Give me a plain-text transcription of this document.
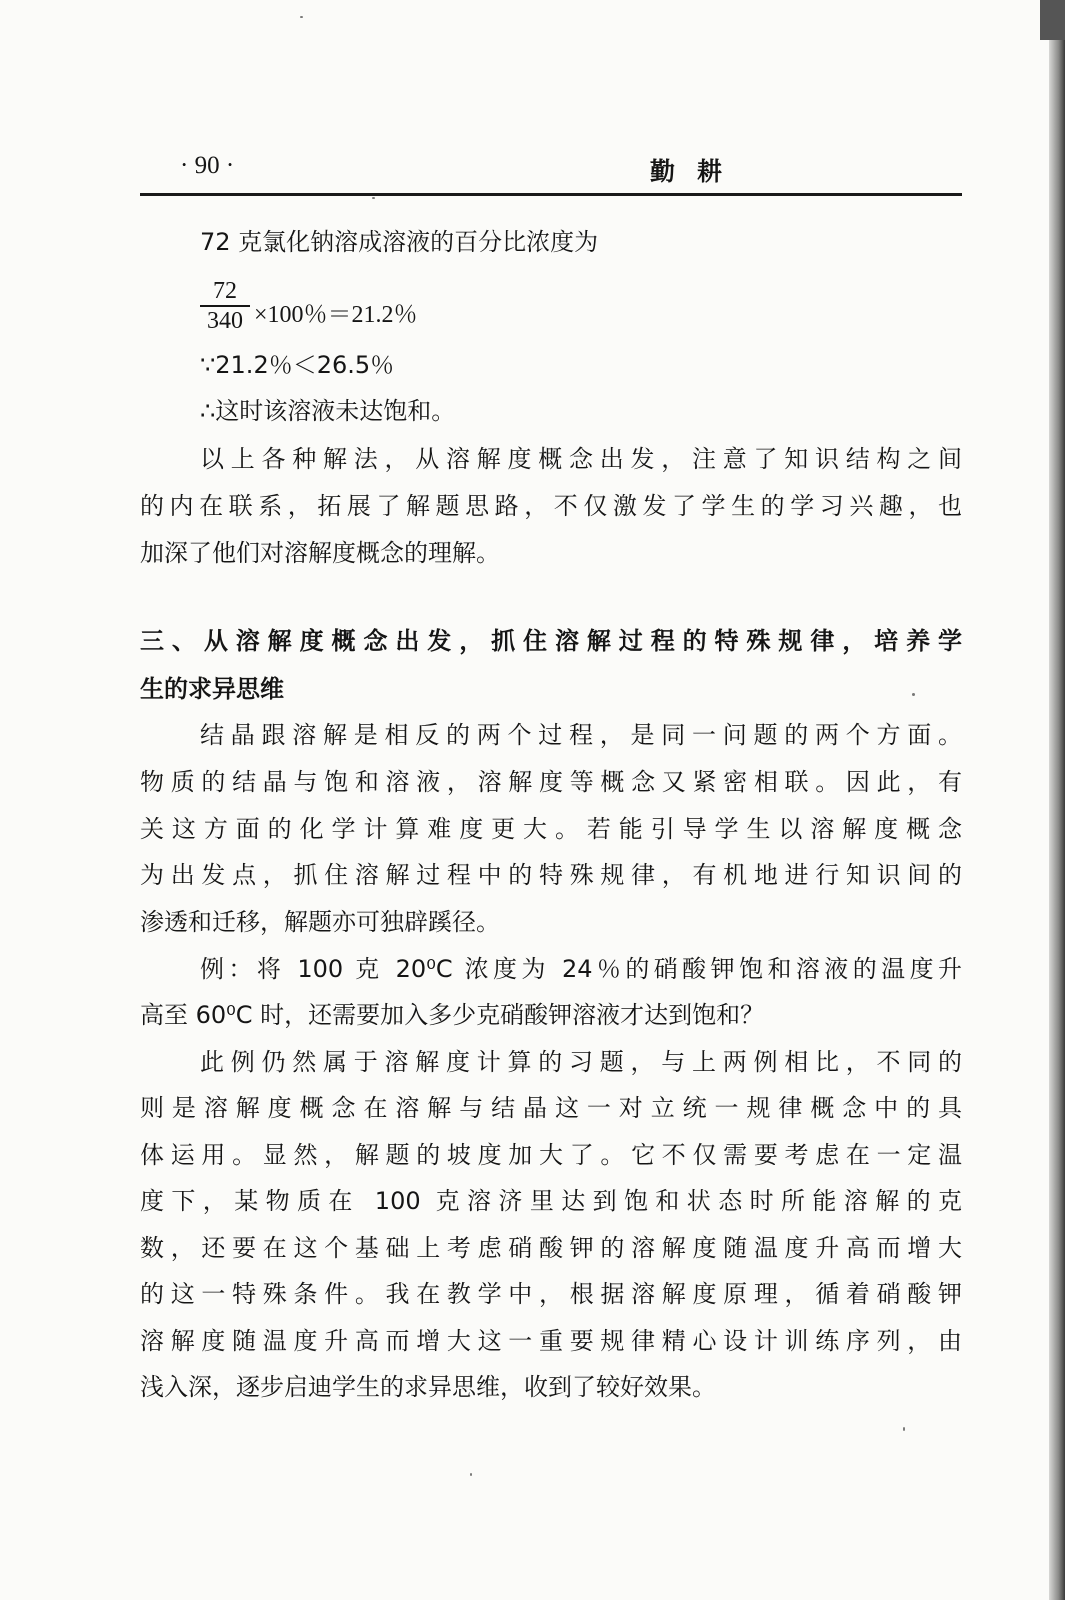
· 90 ·	勤耕
72 克氯化钠溶成溶液的百分比浓度为
$\frac{72}{340} \times 100$％＝21.2％
∵21.2％＜26.5％
∴这时该溶液未达饱和。
以上各种解法，从溶解度概念出发，注意了知识结构之间
的内在联系，拓展了解题思路，不仅激发了学生的学习兴趣，也
加深了他们对溶解度概念的理解。
三、从溶解度概念出发，抓住溶解过程的特殊规律，培养学
生的求异思维
结晶跟溶解是相反的两个过程，是同一问题的两个方面。
物质的结晶与饱和溶液，溶解度等概念又紧密相联。因此，有
关这方面的化学计算难度更大。若能引导学生以溶解度概念
为出发点，抓住溶解过程中的特殊规律，有机地进行知识间的
渗透和迁移，解题亦可独辟蹊径。
例：将 100 克 20⁰C 浓度为 24％的硝酸钾饱和溶液的温度升
高至 60⁰C 时，还需要加入多少克硝酸钾溶液才达到饱和？
此例仍然属于溶解度计算的习题，与上两例相比，不同的
则是溶解度概念在溶解与结晶这一对立统一规律概念中的具
体运用。显然，解题的坡度加大了。它不仅需要考虑在一定温
度下，某物质在 100 克溶济里达到饱和状态时所能溶解的克
数，还要在这个基础上考虑硝酸钾的溶解度随温度升高而增大
的这一特殊条件。我在教学中，根据溶解度原理，循着硝酸钾
溶解度随温度升高而增大这一重要规律精心设计训练序列，由
浅入深，逐步启迪学生的求异思维，收到了较好效果。
